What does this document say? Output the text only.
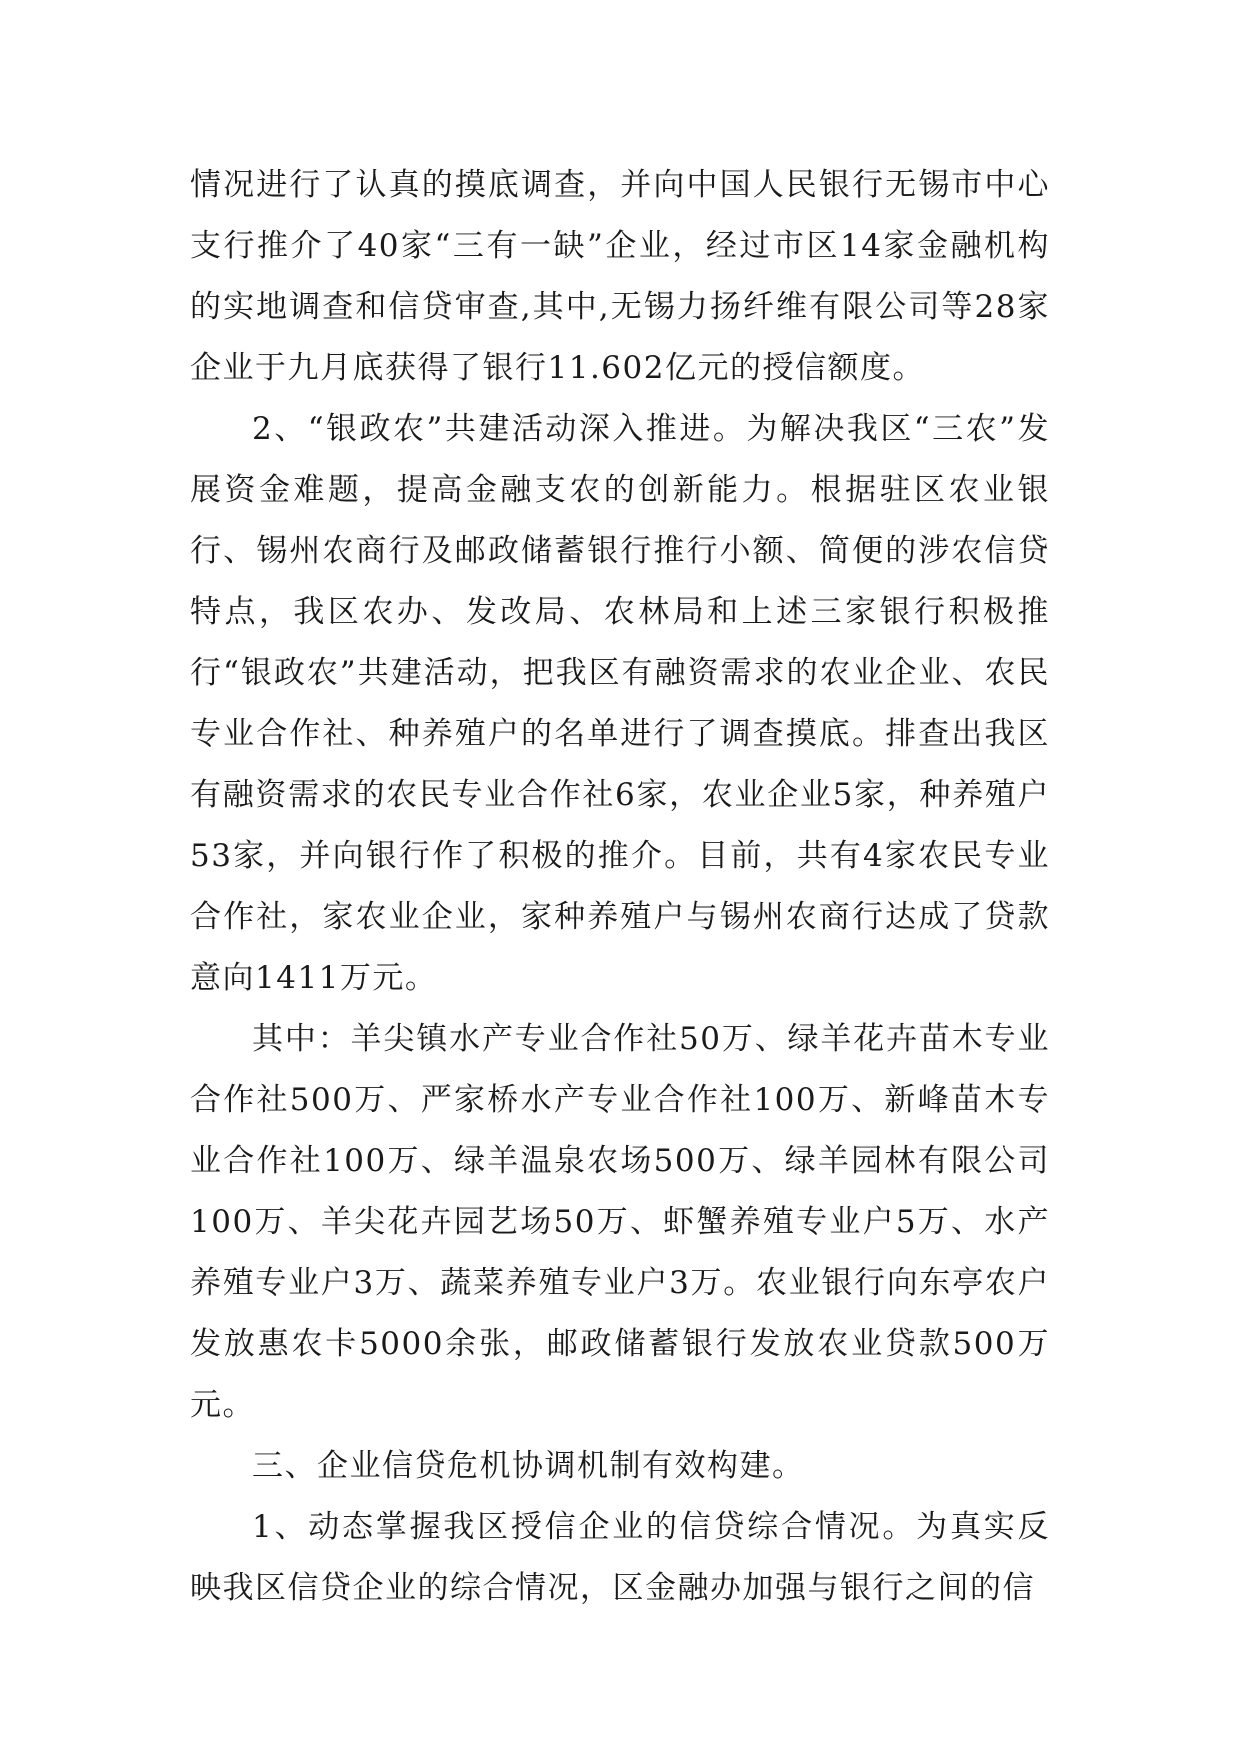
情况进行了认真的摸底调查，并向中国人民银行无锡市中心支行推介了40家“三有一缺”企业，经过市区14家金融机构的实地调查和信贷审查,其中,无锡力扬纤维有限公司等28家企业于九月底获得了银行11.602亿元的授信额度。

2、“银政农”共建活动深入推进。为解决我区“三农”发展资金难题，提高金融支农的创新能力。根据驻区农业银行、锡州农商行及邮政储蓄银行推行小额、简便的涉农信贷特点，我区农办、发改局、农林局和上述三家银行积极推行“银政农”共建活动，把我区有融资需求的农业企业、农民专业合作社、种养殖户的名单进行了调查摸底。排查出我区有融资需求的农民专业合作社6家，农业企业5家，种养殖户53家，并向银行作了积极的推介。目前，共有4家农民专业合作社，家农业企业，家种养殖户与锡州农商行达成了贷款意向1411万元。

其中：羊尖镇水产专业合作社50万、绿羊花卉苗木专业合作社500万、严家桥水产专业合作社100万、新峰苗木专业合作社100万、绿羊温泉农场500万、绿羊园林有限公司100万、羊尖花卉园艺场50万、虾蟹养殖专业户5万、水产养殖专业户3万、蔬菜养殖专业户3万。农业银行向东亭农户发放惠农卡5000余张，邮政储蓄银行发放农业贷款500万元。

三、企业信贷危机协调机制有效构建。

1、动态掌握我区授信企业的信贷综合情况。为真实反映我区信贷企业的综合情况，区金融办加强与银行之间的信
